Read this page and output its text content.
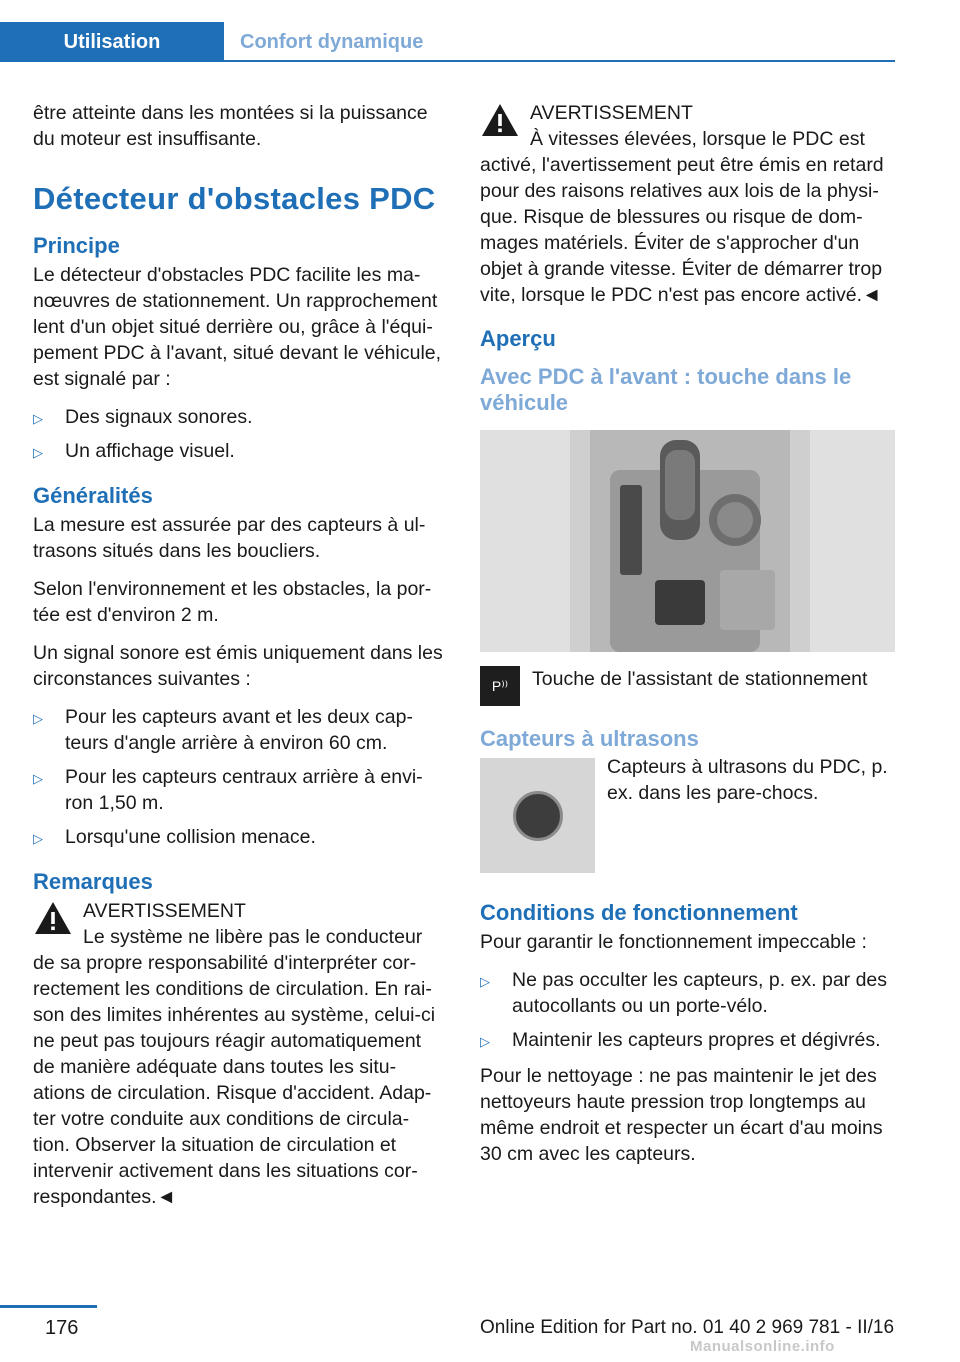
Utilisation	Confort dynamique

être atteinte dans les montées si la puissance du moteur est insuffisante.

Détecteur d'obstacles PDC
Principe

Le détecteur d'obstacles PDC facilite les ma- nœuvres de stationnement. Un rapprochement lent d'un objet situé derrière ou, grâce à l'équi- pement PDC à l'avant, situé devant le véhicule, est signalé par :

▷ Des signaux sonores.
▷ Un affichage visuel.
Généralités

La mesure est assurée par des capteurs à ul- trasons situés dans les boucliers.

Selon l'environnement et les obstacles, la por- tée est d'environ 2 m.

Un signal sonore est émis uniquement dans les circonstances suivantes :

▷ Pour les capteurs avant et les deux cap- teurs d'angle arrière à environ 60 cm.
▷ Pour les capteurs centraux arrière à envi- ron 1,50 m.
▷ Lorsqu'une collision menace.
Remarques
AVERTISSEMENT
Le système ne libère pas le conducteur

de sa propre responsabilité d'interpréter cor- rectement les conditions de circulation. En rai- son des limites inhérentes au système, celui-ci ne peut pas toujours réagir automatiquement de manière adéquate dans toutes les situ- ations de circulation. Risque d'accident. Adap- ter votre conduite aux conditions de circula- tion. Observer la situation de circulation et intervenir activement dans les situations cor- respondantes.◄

AVERTISSEMENT
À vitesses élevées, lorsque le PDC est

activé, l'avertissement peut être émis en retard pour des raisons relatives aux lois de la physi- que. Risque de blessures ou risque de dom- mages matériels. Éviter de s'approcher d'un objet à grande vitesse. Éviter de démarrer trop vite, lorsque le PDC n'est pas encore activé.◄

Aperçu
Avec PDC à l'avant : touche dans le véhicule
P⁾⁾	Touche de l'assistant de stationnement
Capteurs à ultrasons
Capteurs à ultrasons du PDC, p. ex. dans les pare-chocs.
Conditions de fonctionnement

Pour garantir le fonctionnement impeccable :

▷ Ne pas occulter les capteurs, p. ex. par des autocollants ou un porte-vélo.
▷ Maintenir les capteurs propres et dégivrés.

Pour le nettoyage : ne pas maintenir le jet des nettoyeurs haute pression trop longtemps au même endroit et respecter un écart d'au moins 30 cm avec les capteurs.

176	Online Edition for Part no. 01 40 2 969 781 - II/16
Manualsonline.info
